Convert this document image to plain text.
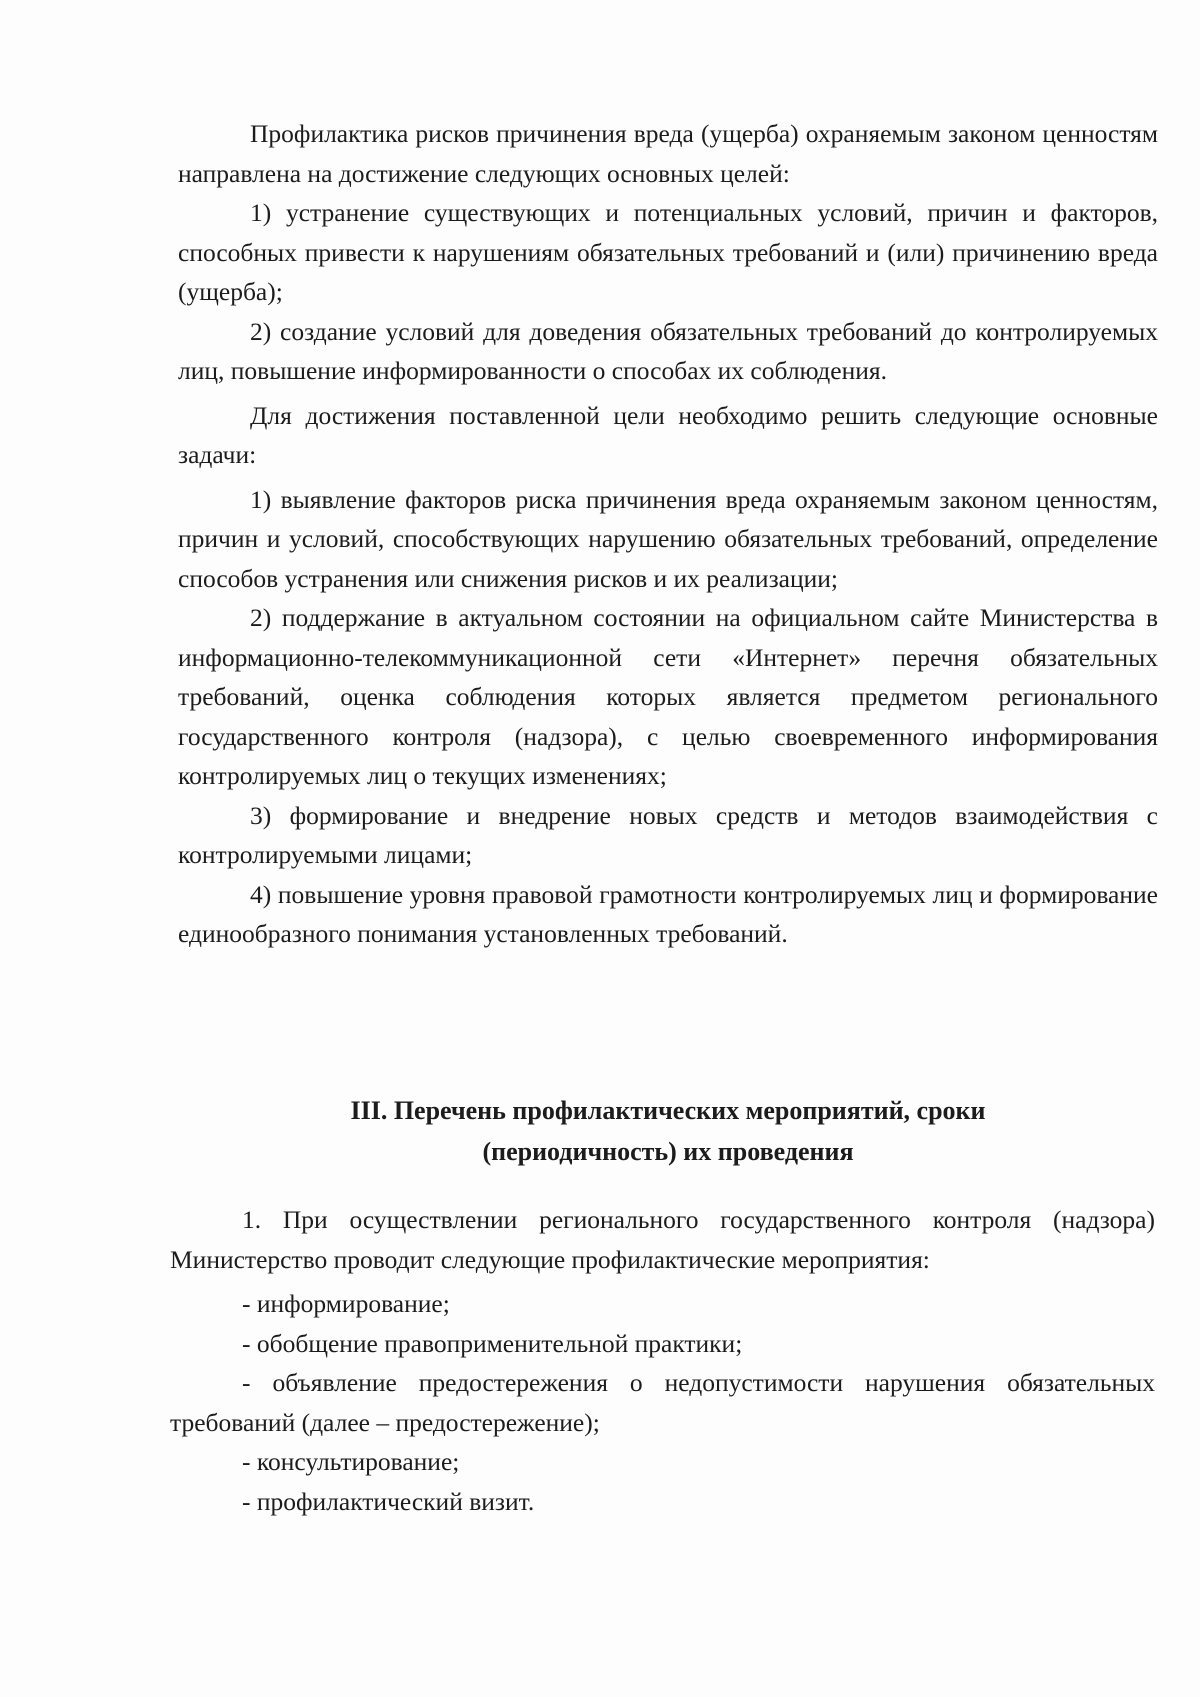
Профилактика рисков причинения вреда (ущерба) охраняемым законом ценностям направлена на достижение следующих основных целей:

1) устранение существующих и потенциальных условий, причин и факторов, способных привести к нарушениям обязательных требований и (или) причинению вреда (ущерба);

2) создание условий для доведения обязательных требований до контролируемых лиц, повышение информированности о способах их соблюдения.

Для достижения поставленной цели необходимо решить следующие основные задачи:

1) выявление факторов риска причинения вреда охраняемым законом ценностям, причин и условий, способствующих нарушению обязательных требований, определение способов устранения или снижения рисков и их реализации;

2) поддержание в актуальном состоянии на официальном сайте Министерства в информационно-телекоммуникационной сети «Интернет» перечня обязательных требований, оценка соблюдения которых является предметом регионального государственного контроля (надзора), с целью своевременного информирования контролируемых лиц о текущих изменениях;

3) формирование и внедрение новых средств и методов взаимодействия с контролируемыми лицами;

4) повышение уровня правовой грамотности контролируемых лиц и формирование единообразного понимания установленных требований.

III. Перечень профилактических мероприятий, сроки
(периодичность) их проведения

1. При осуществлении регионального государственного контроля (надзора) Министерство проводит следующие профилактические мероприятия:

- информирование;

- обобщение правоприменительной практики;

- объявление предостережения о недопустимости нарушения обязательных требований (далее – предостережение);

- консультирование;

- профилактический визит.
